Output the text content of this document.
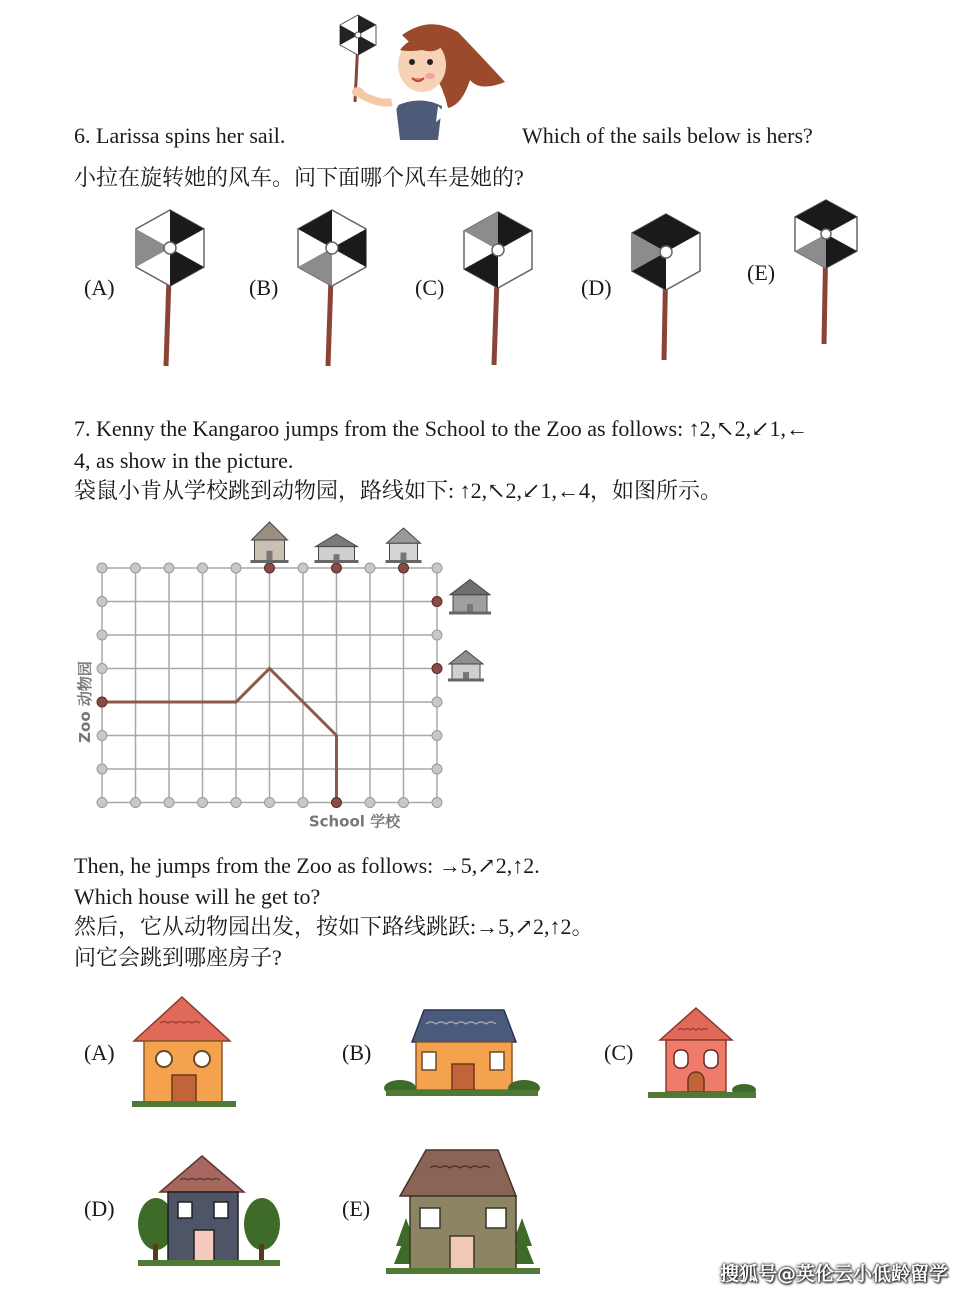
6. Larissa spins her sail.	Which of the sails below is hers?
小拉在旋转她的风车。问下面哪个风车是她的?
(A)	(B)	(C)	(D)
(E)
7. Kenny the Kangaroo jumps from the School to the Zoo as follows: ↑2,↖2,↙1,←
4, as show in the picture.
袋鼠小肯从学校跳到动物园，路线如下: ↑2,↖2,↙1,←4，如图所示。
Zoo 动物园
School 学校
Then, he jumps from the Zoo as follows: →5,↗2,↑2.
Which house will he get to?
然后，它从动物园出发，按如下路线跳跃:→5,↗2,↑2。
问它会跳到哪座房子?
(A)	(B)	(C)
(D)	(E)
搜狐号@英伦云小低龄留学
